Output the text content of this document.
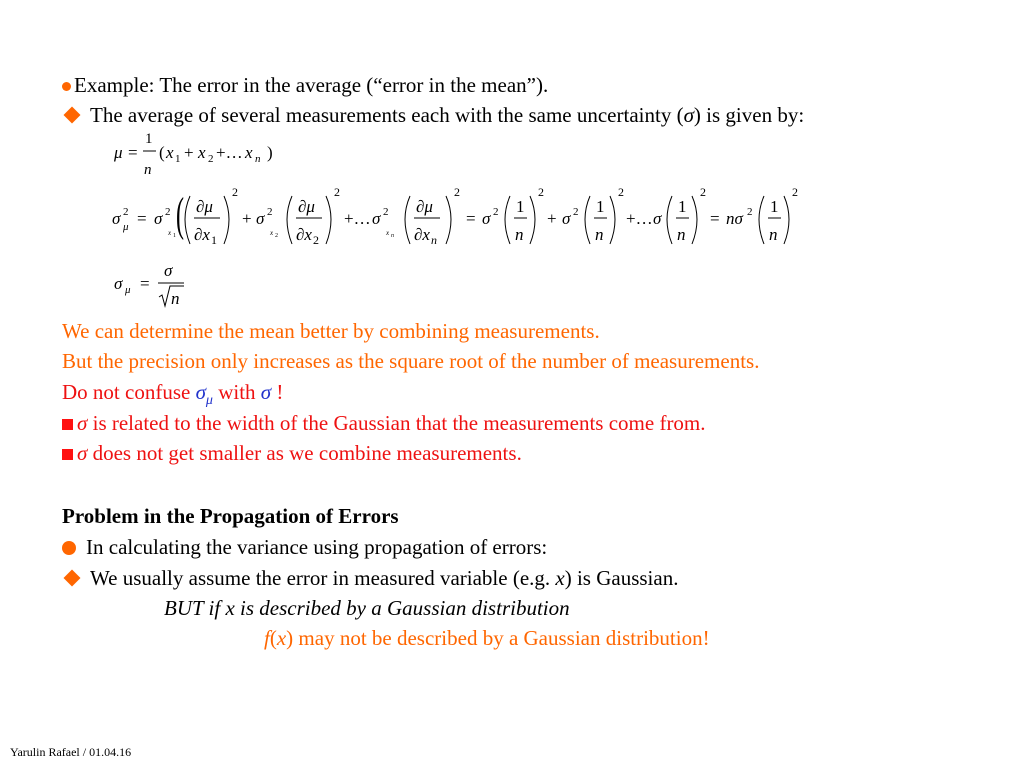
Example: The error in the average (“error in the mean”).
The average of several measurements each with the same uncertainty (σ) is given by:
μ =
1
n
( x 1 + x 2 +… x n )
σ 2
μ = σ 2
x 1 ( ∂μ
∂x 1
2
+ σ 2
x 2
∂μ
∂x 2
2
+… σ 2
x n
∂μ
∂x n
2
= σ 2 1
n
2
+ σ 2 1
n
2
+… σ
1
n
2
= nσ 2 1
n
2
σ μ =
σ
n
We can determine the mean better by combining measurements.
But the precision only increases as the square root of the number of measurements.
Do not confuse $\sigma_\mu$ with σ !
σ is related to the width of the Gaussian that the measurements come from.
σ does not get smaller as we combine measurements.
Problem in the Propagation of Errors
In calculating the variance using propagation of errors:
We usually assume the error in measured variable (e.g. x) is Gaussian.
BUT if x is described by a Gaussian distribution
f(x) may not be described by a Gaussian distribution!
Yarulin Rafael / 01.04.16
